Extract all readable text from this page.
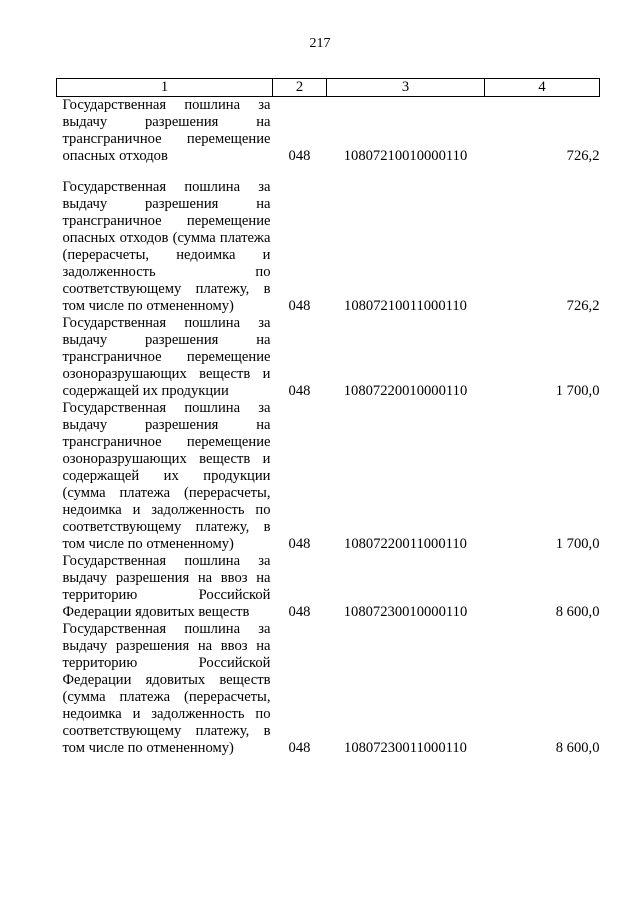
217
1	2	3	4
Государственная пошлина за выдачу разрешения на трансграничное перемещение опасных отходов	048	10807210010000110	726,2
Государственная пошлина за выдачу разрешения на трансграничное перемещение опасных отходов (сумма платежа (перерасчеты, недоимка и задолженность по соответствующему платежу, в том числе по отмененному)	048	10807210011000110	726,2
Государственная пошлина за выдачу разрешения на трансграничное перемещение озоноразрушающих веществ и содержащей их продукции	048	10807220010000110	1 700,0
Государственная пошлина за выдачу разрешения на трансграничное перемещение озоноразрушающих веществ и содержащей их продукции (сумма платежа (перерасчеты, недоимка и задолженность по соответствующему платежу, в том числе по отмененному)	048	10807220011000110	1 700,0
Государственная пошлина за выдачу разрешения на ввоз на территорию Российской Федерации ядовитых веществ	048	10807230010000110	8 600,0
Государственная пошлина за выдачу разрешения на ввоз на территорию Российской Федерации ядовитых веществ (сумма платежа (перерасчеты, недоимка и задолженность по соответствующему платежу, в том числе по отмененному)	048	10807230011000110	8 600,0
